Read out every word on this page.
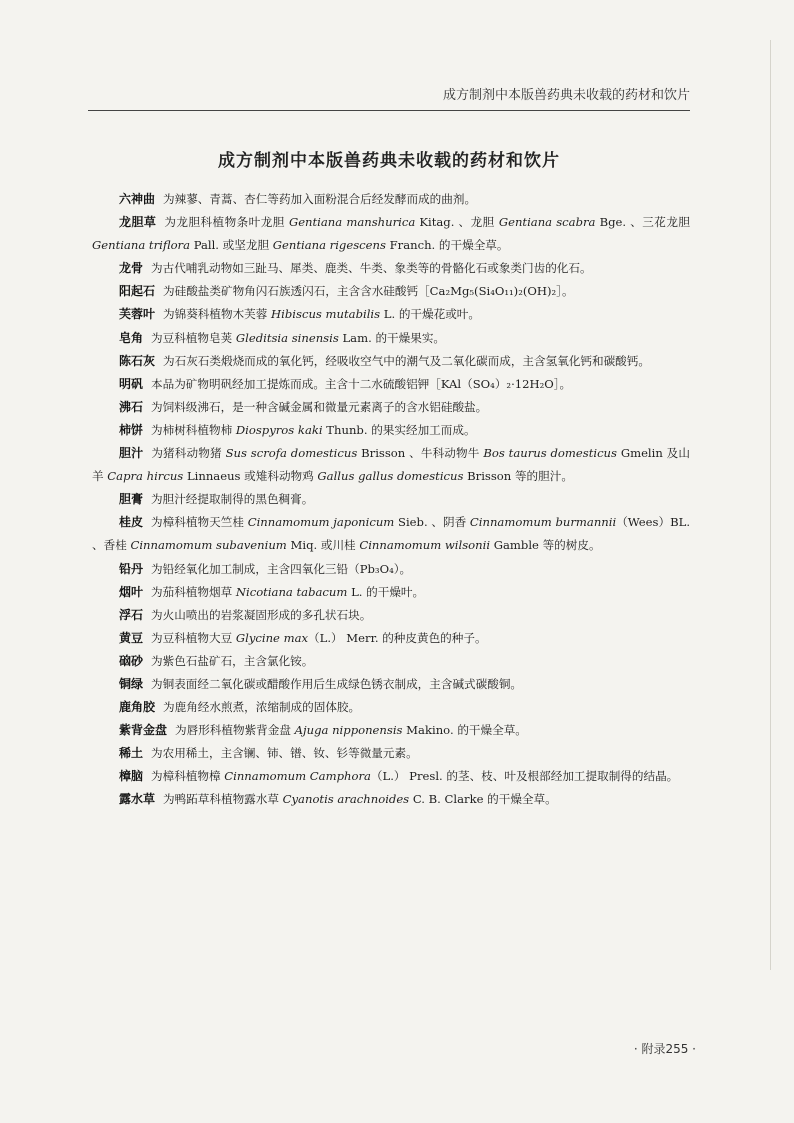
成方制剂中本版兽药典未收载的药材和饮片
成方制剂中本版兽药典未收载的药材和饮片

六神曲 为辣蓼、青蒿、杏仁等药加入面粉混合后经发酵而成的曲剂。

龙胆草 为龙胆科植物条叶龙胆 Gentiana manshurica Kitag. 、龙胆 Gentiana scabra Bge. 、三花龙胆 Gentiana triflora Pall. 或坚龙胆 Gentiana rigescens Franch. 的干燥全草。

龙骨 为古代哺乳动物如三趾马、犀类、鹿类、牛类、象类等的骨骼化石或象类门齿的化石。

阳起石 为硅酸盐类矿物角闪石族透闪石，主含含水硅酸钙［Ca₂Mg₅(Si₄O₁₁)₂(OH)₂］。

芙蓉叶 为锦葵科植物木芙蓉 Hibiscus mutabilis L. 的干燥花或叶。

皂角 为豆科植物皂荚 Gleditsia sinensis Lam. 的干燥果实。

陈石灰 为石灰石类煅烧而成的氧化钙，经吸收空气中的潮气及二氧化碳而成，主含氢氧化钙和碳酸钙。

明矾 本品为矿物明矾经加工提炼而成。主含十二水硫酸铝钾［KAl（SO₄）₂·12H₂O］。

沸石 为饲料级沸石，是一种含碱金属和微量元素离子的含水铝硅酸盐。

柿饼 为柿树科植物柿 Diospyros kaki Thunb. 的果实经加工而成。

胆汁 为猪科动物猪 Sus scrofa domesticus Brisson 、牛科动物牛 Bos taurus domesticus Gmelin 及山羊 Capra hircus Linnaeus 或雉科动物鸡 Gallus gallus domesticus Brisson 等的胆汁。

胆膏 为胆汁经提取制得的黑色稠膏。

桂皮 为樟科植物天竺桂 Cinnamomum japonicum Sieb. 、阴香 Cinnamomum burmannii（Wees）BL. 、香桂 Cinnamomum subavenium Miq. 或川桂 Cinnamomum wilsonii Gamble 等的树皮。

铅丹 为铅经氧化加工制成，主含四氧化三铅（Pb₃O₄）。

烟叶 为茄科植物烟草 Nicotiana tabacum L. 的干燥叶。

浮石 为火山喷出的岩浆凝固形成的多孔状石块。

黄豆 为豆科植物大豆 Glycine max（L.） Merr. 的种皮黄色的种子。

硇砂 为紫色石盐矿石，主含氯化铵。

铜绿 为铜表面经二氧化碳或醋酸作用后生成绿色锈衣制成，主含碱式碳酸铜。

鹿角胶 为鹿角经水煎煮，浓缩制成的固体胶。

紫背金盘 为唇形科植物紫背金盘 Ajuga nipponensis Makino. 的干燥全草。

稀土 为农用稀土，主含镧、铈、镨、钕、钐等微量元素。

樟脑 为樟科植物樟 Cinnamomum Camphora（L.） Presl. 的茎、枝、叶及根部经加工提取制得的结晶。

露水草 为鸭跖草科植物露水草 Cyanotis arachnoides C. B. Clarke 的干燥全草。

· 附录255 ·
